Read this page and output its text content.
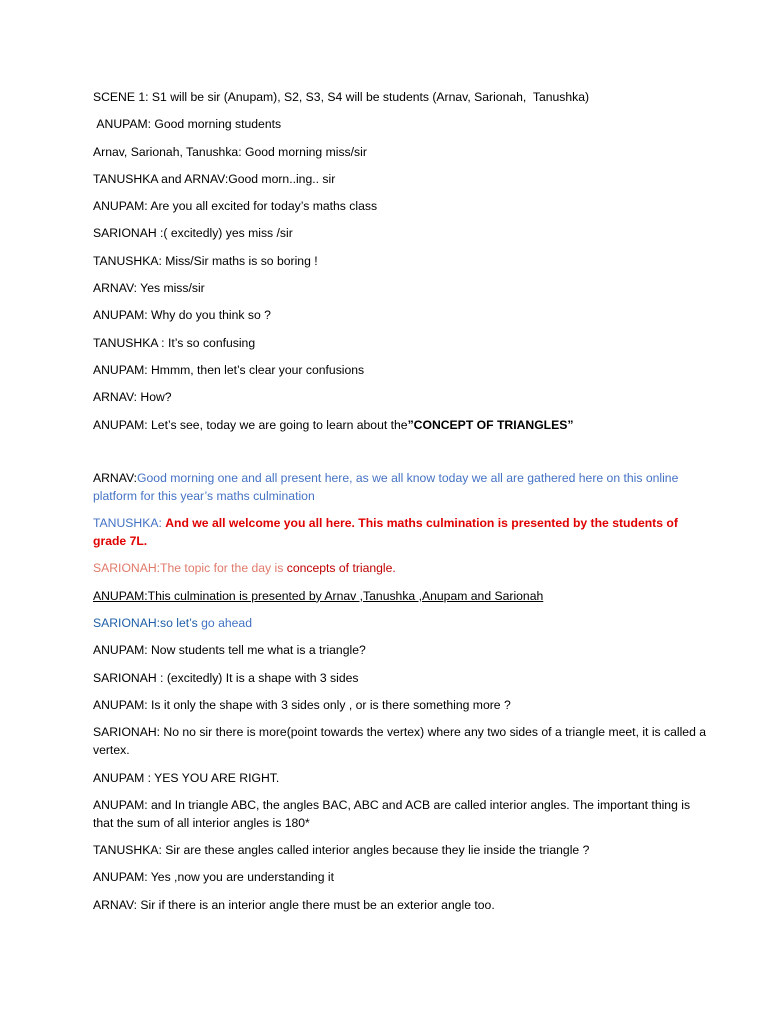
SCENE 1: S1 will be sir (Anupam), S2, S3, S4 will be students (Arnav, Sarionah,  Tanushka)

ANUPAM: Good morning students

Arnav, Sarionah, Tanushka: Good morning miss/sir

TANUSHKA and ARNAV:Good morn..ing.. sir

ANUPAM: Are you all excited for today’s maths class

SARIONAH :( excitedly) yes miss /sir

TANUSHKA: Miss/Sir maths is so boring !

ARNAV: Yes miss/sir

ANUPAM: Why do you think so ?

TANUSHKA : It’s so confusing

ANUPAM: Hmmm, then let’s clear your confusions

ARNAV: How?

ANUPAM: Let’s see, today we are going to learn about the”CONCEPT OF TRIANGLES”

ARNAV:Good morning one and all present here, as we all know today we all are gathered here on this online platform for this year’s maths culmination

TANUSHKA: And we all welcome you all here. This maths culmination is presented by the students of grade 7L.

SARIONAH:The topic for the day is concepts of triangle.

ANUPAM:This culmination is presented by Arnav ,Tanushka ,Anupam and Sarionah

SARIONAH:so let’s go ahead

ANUPAM: Now students tell me what is a triangle?

SARIONAH : (excitedly) It is a shape with 3 sides

ANUPAM: Is it only the shape with 3 sides only , or is there something more ?

SARIONAH: No no sir there is more(point towards the vertex) where any two sides of a triangle meet, it is called a vertex.

ANUPAM : YES YOU ARE RIGHT.

ANUPAM: and In triangle ABC, the angles BAC, ABC and ACB are called interior angles. The important thing is that the sum of all interior angles is 180*

TANUSHKA: Sir are these angles called interior angles because they lie inside the triangle ?

ANUPAM: Yes ,now you are understanding it

ARNAV: Sir if there is an interior angle there must be an exterior angle too.
